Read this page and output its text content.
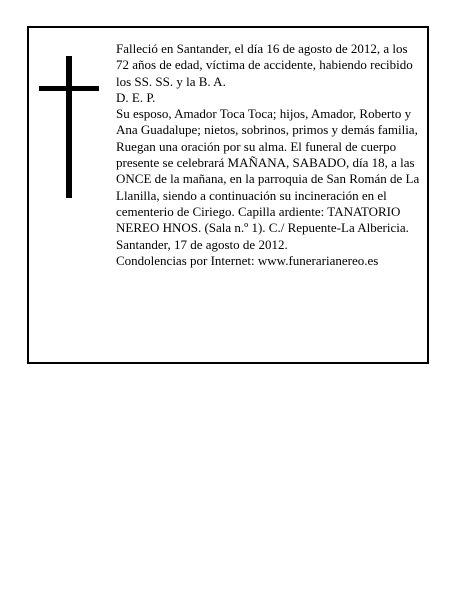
Falleció en Santander, el día 16 de agosto de 2012, a los 72 años de edad, víctima de accidente, habiendo recibido los SS. SS. y la B. A.

D. E. P.

Su esposo, Amador Toca Toca; hijos, Amador, Roberto y Ana Guadalupe; nietos, sobrinos, primos y demás familia,

Ruegan una oración por su alma. El funeral de cuerpo presente se celebrará MAÑANA, SABADO, día 18, a las ONCE de la mañana, en la parroquia de San Román de La Llanilla, siendo a continuación su incineración en el cementerio de Ciriego. Capilla ardiente: TANATORIO NEREO HNOS. (Sala n.º 1). C./ Repuente-La Albericia.

Santander, 17 de agosto de 2012.

Condolencias por Internet: www.funerarianereo.es
